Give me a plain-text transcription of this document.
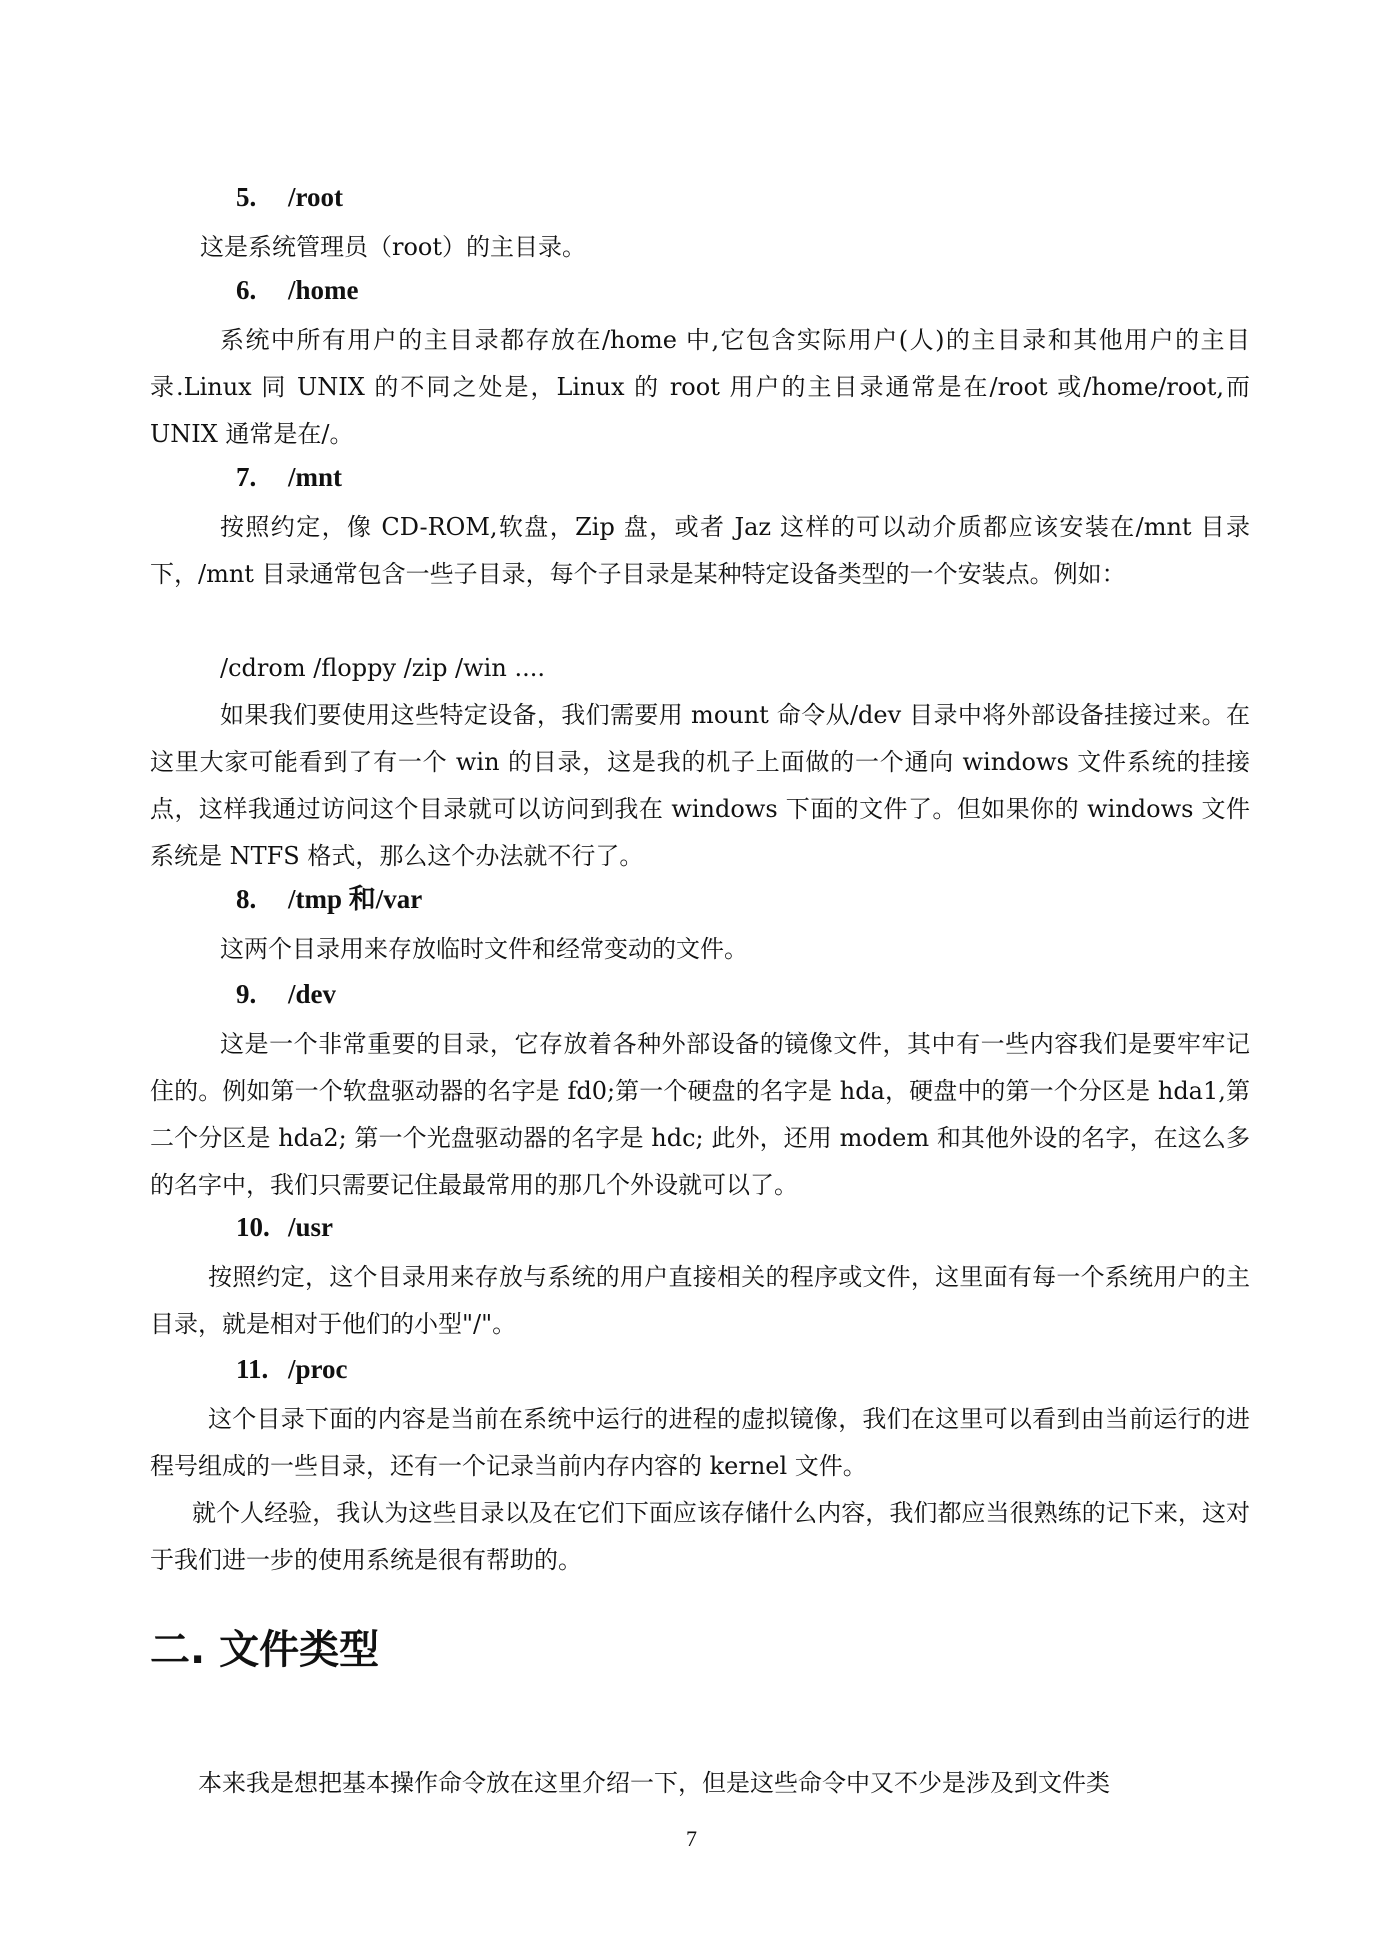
5. /root
这是系统管理员（root）的主目录。
6. /home
系统中所有用户的主目录都存放在/home 中,它包含实际用户(人)的主目录和其他用户的主目录.Linux 同 UNIX 的不同之处是，Linux 的 root 用户的主目录通常是在/root 或/home/root,而 UNIX 通常是在/。
7. /mnt
按照约定，像 CD-ROM,软盘，Zip 盘，或者 Jaz 这样的可以动介质都应该安装在/mnt 目录下，/mnt 目录通常包含一些子目录，每个子目录是某种特定设备类型的一个安装点。例如：
/cdrom /floppy /zip /win ....
如果我们要使用这些特定设备，我们需要用 mount 命令从/dev 目录中将外部设备挂接过来。在这里大家可能看到了有一个 win 的目录，这是我的机子上面做的一个通向 windows 文件系统的挂接点，这样我通过访问这个目录就可以访问到我在 windows 下面的文件了。但如果你的 windows 文件系统是 NTFS 格式，那么这个办法就不行了。
8. /tmp 和/var
这两个目录用来存放临时文件和经常变动的文件。
9. /dev
这是一个非常重要的目录，它存放着各种外部设备的镜像文件，其中有一些内容我们是要牢牢记住的。例如第一个软盘驱动器的名字是 fd0;第一个硬盘的名字是 hda，硬盘中的第一个分区是 hda1,第二个分区是 hda2; 第一个光盘驱动器的名字是 hdc; 此外，还用 modem 和其他外设的名字，在这么多的名字中，我们只需要记住最最常用的那几个外设就可以了。
10. /usr
按照约定，这个目录用来存放与系统的用户直接相关的程序或文件，这里面有每一个系统用户的主目录，就是相对于他们的小型"/"。
11. /proc
这个目录下面的内容是当前在系统中运行的进程的虚拟镜像，我们在这里可以看到由当前运行的进程号组成的一些目录，还有一个记录当前内存内容的 kernel 文件。
就个人经验，我认为这些目录以及在它们下面应该存储什么内容，我们都应当很熟练的记下来，这对于我们进一步的使用系统是很有帮助的。
二. 文件类型
本来我是想把基本操作命令放在这里介绍一下，但是这些命令中又不少是涉及到文件类
7
